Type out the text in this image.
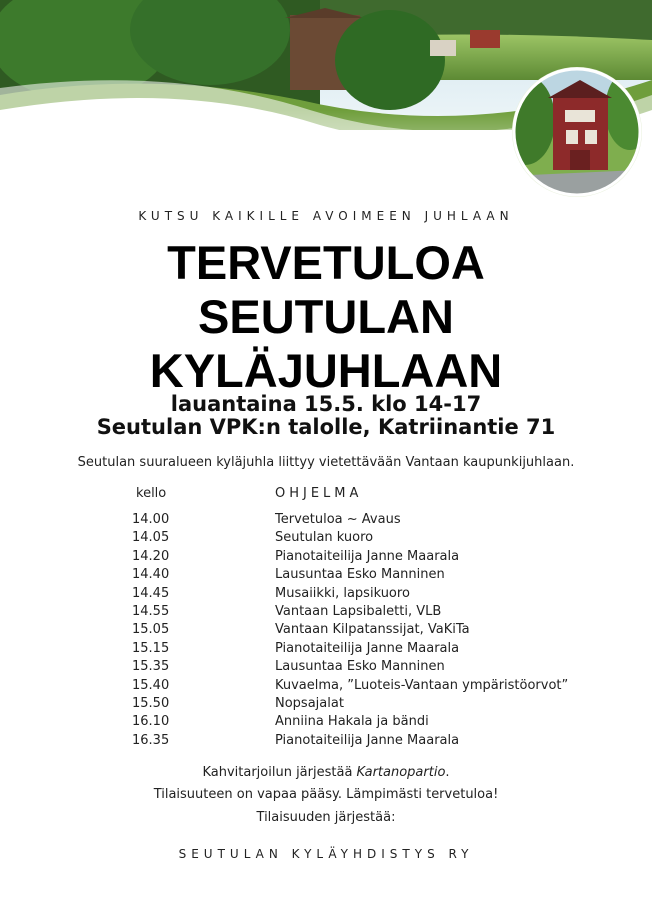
KUTSU KAIKILLE AVOIMEEN JUHLAAN
TERVETULOA
SEUTULAN
KYLÄJUHLAAN
lauantaina 15.5. klo 14-17
Seutulan VPK:n talolle, Katriinantie 71
Seutulan suuralueen kyläjuhla liittyy vietettävään Vantaan kaupunkijuhlaan.
kello	OHJELMA
14.00	Tervetuloa ~ Avaus
14.05	Seutulan kuoro
14.20	Pianotaiteilija Janne Maarala
14.40	Lausuntaa Esko Manninen
14.45	Musaiikki, lapsikuoro
14.55	Vantaan Lapsibaletti, VLB
15.05	Vantaan Kilpatanssijat, VaKiTa
15.15	Pianotaiteilija Janne Maarala
15.35	Lausuntaa Esko Manninen
15.40	Kuvaelma, ”Luoteis-Vantaan ympäristöorvot”
15.50	Nopsajalat
16.10	Anniina Hakala ja bändi
16.35	Pianotaiteilija Janne Maarala
Kahvitarjoilun järjestää Kartanopartio.
Tilaisuuteen on vapaa pääsy. Lämpimästi tervetuloa!
Tilaisuuden järjestää:
SEUTULAN KYLÄYHDISTYS RY
